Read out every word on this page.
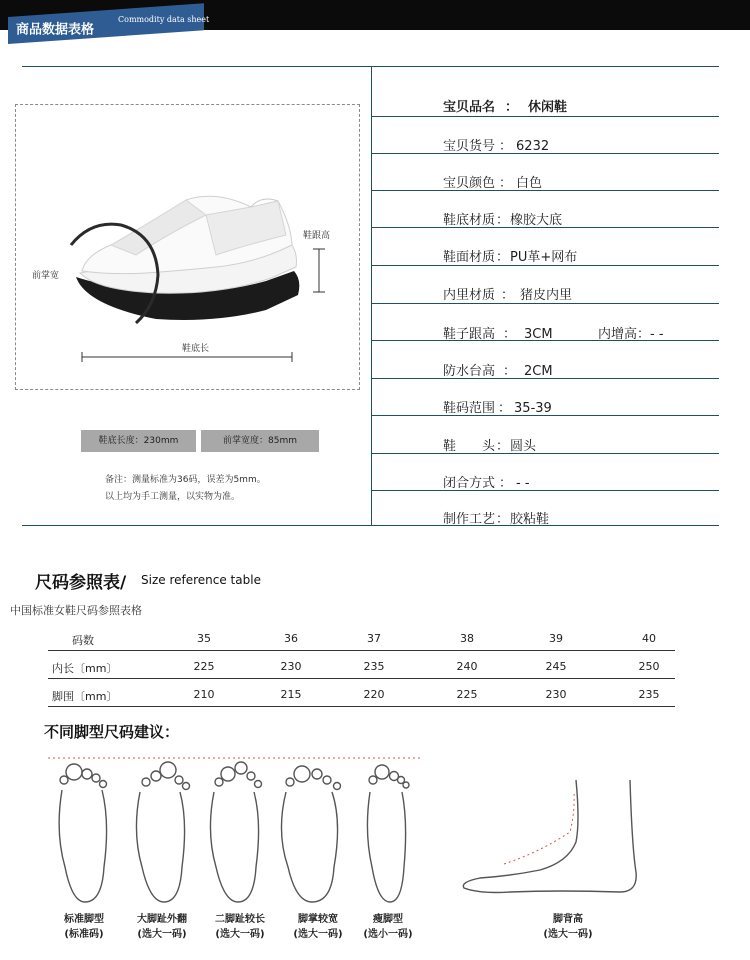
商品数据表格
Commodity data sheet
鞋跟高
前掌宽
鞋底长
鞋底长度：230mm	前掌宽度：85mm
备注：测量标准为36码，误差为5mm。
以上均为手工测量，以实物为准。
宝贝品名 ： 休闲鞋
宝贝货号 ： 6232
宝贝颜色 ： 白色
鞋底材质：橡胶大底
鞋面材质：PU革+网布
内里材质 ： 猪皮内里
鞋子跟高 ： 3CM	内增高：- -
防水台高 ： 2CM
鞋码范围 ： 35-39
鞋　　头：圆头
闭合方式 ： - -
制作工艺：胶粘鞋
尺码参照表/ Size reference table
中国标准女鞋尺码参照表格
码数	35	36	37	38	39	40
内长〔mm〕	225	230	235	240	245	250
脚围〔mm〕	210	215	220	225	230	235
不同脚型尺码建议：
标准脚型
(标准码)
大脚趾外翻
(选大一码)
二脚趾较长
(选大一码)
脚掌较宽
(选大一码)
瘦脚型
(选小一码)
脚背高
(选大一码)
